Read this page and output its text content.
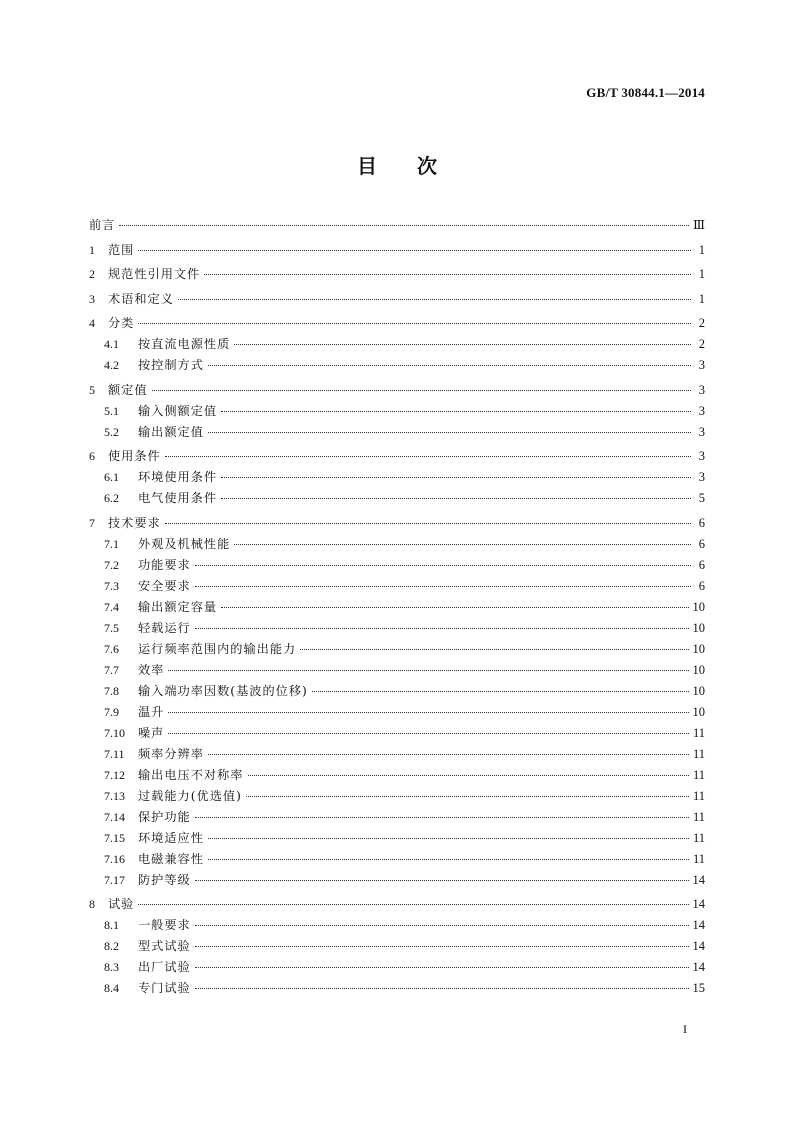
GB/T 30844.1—2014
目 次
前言	Ⅲ
1	范围	1
2	规范性引用文件	1
3	术语和定义	1
4	分类	2
4.1	按直流电源性质	2
4.2	按控制方式	3
5	额定值	3
5.1	输入侧额定值	3
5.2	输出额定值	3
6	使用条件	3
6.1	环境使用条件	3
6.2	电气使用条件	5
7	技术要求	6
7.1	外观及机械性能	6
7.2	功能要求	6
7.3	安全要求	6
7.4	输出额定容量	10
7.5	轻载运行	10
7.6	运行频率范围内的输出能力	10
7.7	效率	10
7.8	输入端功率因数(基波的位移)	10
7.9	温升	10
7.10	噪声	11
7.11	频率分辨率	11
7.12	输出电压不对称率	11
7.13	过载能力(优选值)	11
7.14	保护功能	11
7.15	环境适应性	11
7.16	电磁兼容性	11
7.17	防护等级	14
8	试验	14
8.1	一般要求	14
8.2	型式试验	14
8.3	出厂试验	14
8.4	专门试验	15
I
